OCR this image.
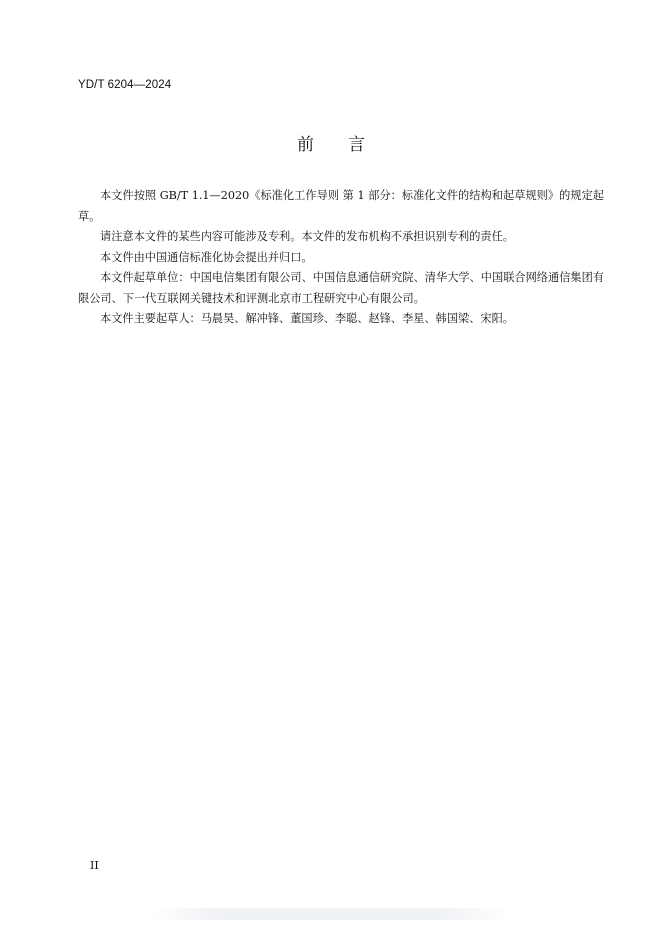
YD/T 6204—2024
前言

本文件按照 GB/T 1.1—2020《标准化工作导则 第 1 部分：标准化文件的结构和起草规则》的规定起草。

请注意本文件的某些内容可能涉及专利。本文件的发布机构不承担识别专利的责任。

本文件由中国通信标准化协会提出并归口。

本文件起草单位：中国电信集团有限公司、中国信息通信研究院、清华大学、中国联合网络通信集团有限公司、下一代互联网关键技术和评测北京市工程研究中心有限公司。

本文件主要起草人：马晨昊、解冲锋、董国珍、李聪、赵锋、李星、韩国梁、宋阳。

II
